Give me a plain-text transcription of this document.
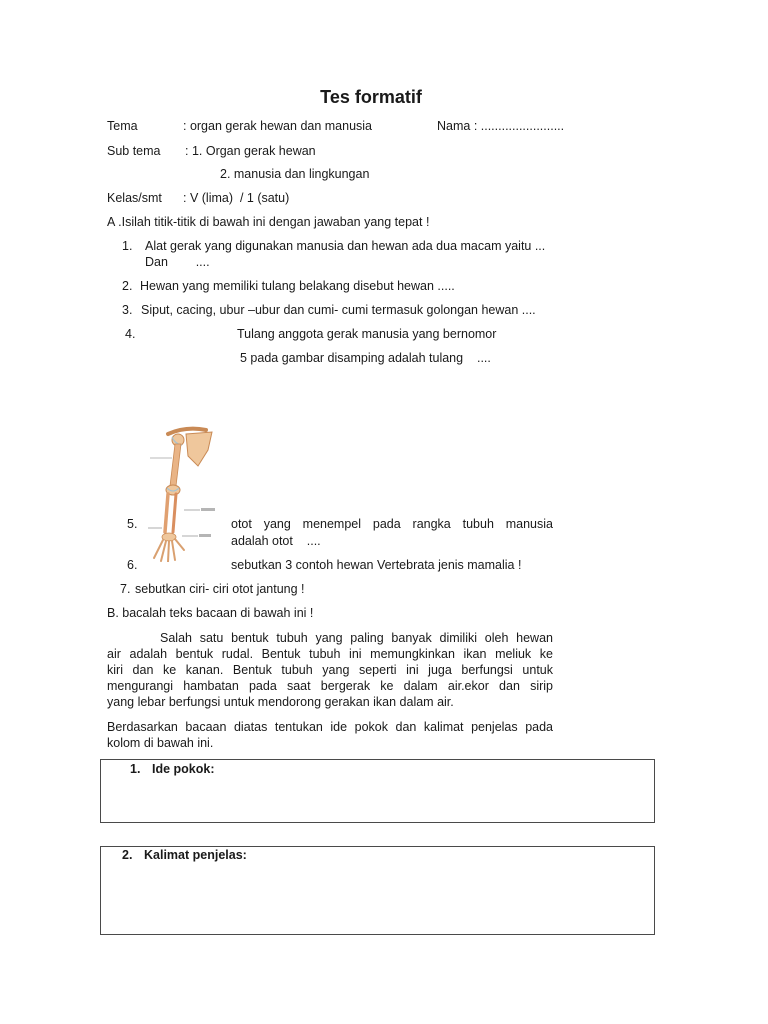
Tes formatif
Tema	: organ gerak hewan dan manusia	Nama : ........................
Sub tema : 1. Organ gerak hewan
2. manusia dan lingkungan
Kelas/smt : V (lima)  / 1 (satu)
A .Isilah titik-titik di bawah ini dengan jawaban yang tepat !
1. Alat gerak yang digunakan manusia dan hewan ada dua macam yaitu ...
Dan        ....
2. Hewan yang memiliki tulang belakang disebut hewan .....
3. Siput, cacing, ubur –ubur dan cumi- cumi termasuk golongan hewan ....
4.	Tulang anggota gerak manusia yang bernomor
5 pada gambar disamping adalah tulang    ....
5.	otot yang menempel pada rangka tubuh manusia
adalah otot    ....
6.	sebutkan 3 contoh hewan Vertebrata jenis mamalia !
7. sebutkan ciri- ciri otot jantung !
B. bacalah teks bacaan di bawah ini !
Salah satu bentuk tubuh yang paling banyak dimiliki oleh hewan
air adalah bentuk rudal. Bentuk tubuh ini memungkinkan ikan meliuk ke
kiri dan ke kanan. Bentuk tubuh yang seperti ini juga berfungsi untuk
mengurangi hambatan pada saat bergerak ke dalam air.ekor dan sirip
yang lebar berfungsi untuk mendorong gerakan ikan dalam air.
Berdasarkan bacaan diatas tentukan ide pokok dan kalimat penjelas pada
kolom di bawah ini.
1. Ide pokok:
2. Kalimat penjelas:
